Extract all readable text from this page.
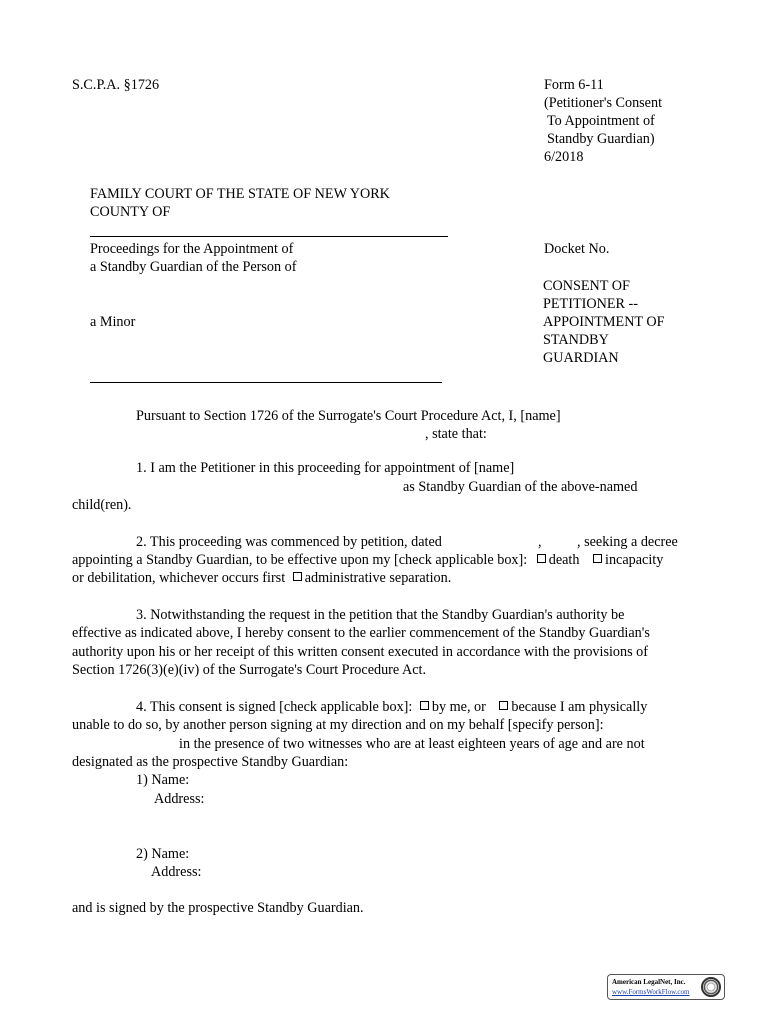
S.C.P.A. §1726	Form 6-11
(Petitioner's Consent
To Appointment of
Standby Guardian)
6/2018
FAMILY COURT OF THE STATE OF NEW YORK
COUNTY OF
Proceedings for the Appointment of
a Standby Guardian of the Person of
a Minor
Docket No.
CONSENT OF
PETITIONER --
APPOINTMENT OF
STANDBY
GUARDIAN
Pursuant to Section 1726 of the Surrogate's Court Procedure Act, I, [name]
, state that:
1. I am the Petitioner in this proceeding for appointment of [name]
as Standby Guardian of the above-named
child(ren).
2. This proceeding was commenced by petition, dated	, , seeking a decree
appointing a Standby Guardian, to be effective upon my [check applicable box]: death incapacity
or debilitation, whichever occurs first administrative separation.
3. Notwithstanding the request in the petition that the Standby Guardian's authority be
effective as indicated above, I hereby consent to the earlier commencement of the Standby Guardian's
authority upon his or her receipt of this written consent executed in accordance with the provisions of
Section 1726(3)(e)(iv) of the Surrogate's Court Procedure Act.
4. This consent is signed [check applicable box]: by me, or because I am physically
unable to do so, by another person signing at my direction and on my behalf [specify person]:
in the presence of two witnesses who are at least eighteen years of age and are not
designated as the prospective Standby Guardian:
1) Name:
Address:
2) Name:
Address:
and is signed by the prospective Standby Guardian.
American LegalNet, Inc.
www.FormsWorkFlow.com
